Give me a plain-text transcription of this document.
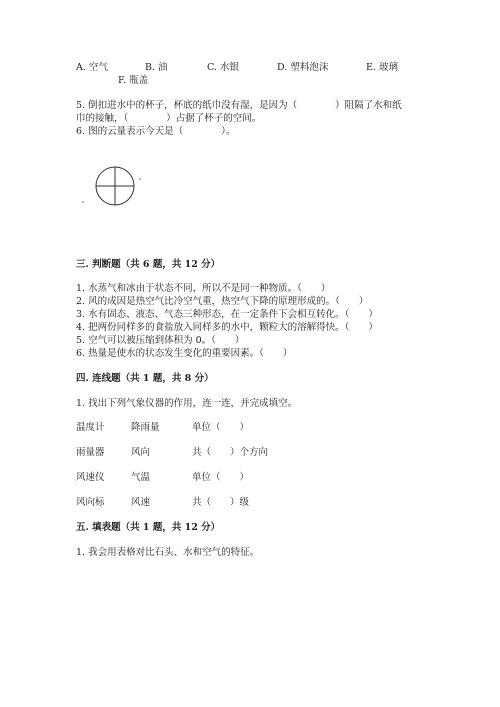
A. 空气	B. 油	C. 水银	D. 塑料泡沫	E. 玻璃
F. 瓶盖
5. 倒扣进水中的杯子，杯底的纸巾没有湿，是因为（　　　　）阻隔了水和纸
巾的接触，（　　　　）占据了杯子的空间。
6. 图的云量表示今天是（　　　　）。
三. 判断题（共 6 题，共 12 分）
1. 水蒸气和冰由于状态不同，所以不是同一种物质。（　　）
2. 风的成因是热空气比冷空气重，热空气下降的原理形成的。（　　）
3. 水有固态、液态、气态三种形态，在一定条件下会相互转化。（　　）
4. 把两份同样多的食盐放入同样多的水中，颗粒大的溶解得快。（　　）
5. 空气可以被压缩到体积为 0。（　　）
6. 热量是使水的状态发生变化的重要因素。（　　）
四. 连线题（共 1 题，共 8 分）
1. 找出下列气象仪器的作用，连一连，并完成填空。
温度计	降雨量	单位（　　）
雨量器	风向	共（　　）个方向
风速仪	气温	单位（　　）
风向标	风速	共（　　）级
五. 填表题（共 1 题，共 12 分）
1. 我会用表格对比石头、水和空气的特征。
